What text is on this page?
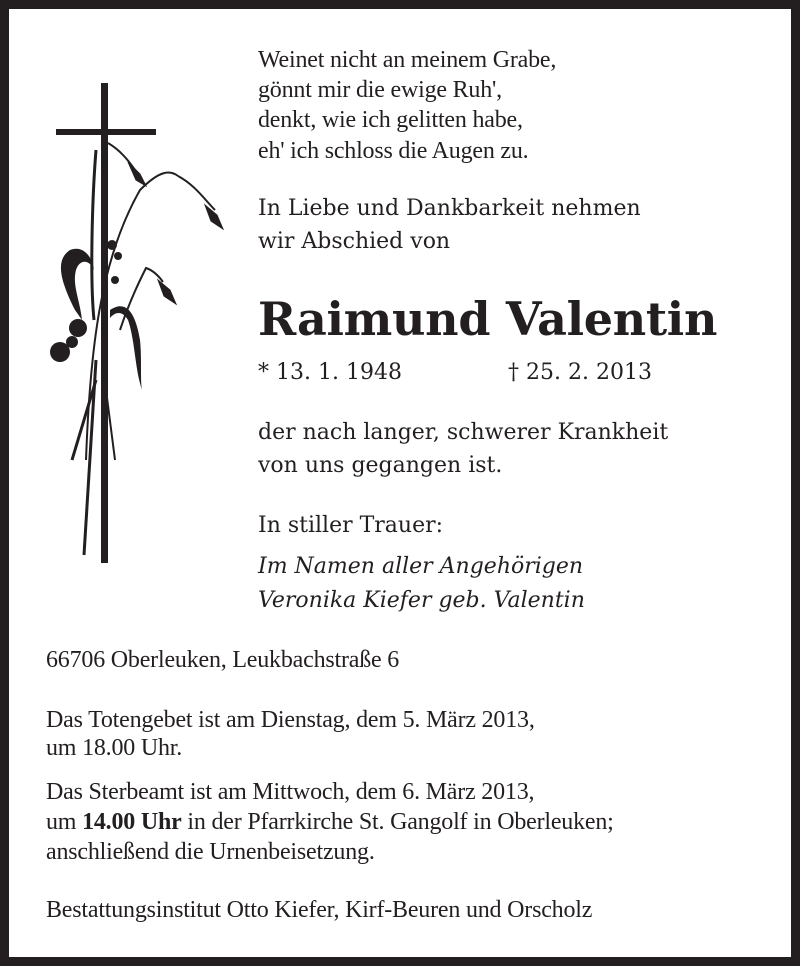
Weinet nicht an meinem Grabe,
gönnt mir die ewige Ruh',
denkt, wie ich gelitten habe,
eh' ich schloss die Augen zu.
In Liebe und Dankbarkeit nehmen
wir Abschied von
Raimund Valentin
* 13. 1. 1948	† 25. 2. 2013
der nach langer, schwerer Krankheit
von uns gegangen ist.
In stiller Trauer:
Im Namen aller Angehörigen
Veronika Kiefer geb. Valentin
66706 Oberleuken, Leukbachstraße 6
Das Totengebet ist am Dienstag, dem 5. März 2013,
um 18.00 Uhr.
Das Sterbeamt ist am Mittwoch, dem 6. März 2013,
um 14.00 Uhr in der Pfarrkirche St. Gangolf in Oberleuken;
anschließend die Urnenbeisetzung.
Bestattungsinstitut Otto Kiefer, Kirf-Beuren und Orscholz
